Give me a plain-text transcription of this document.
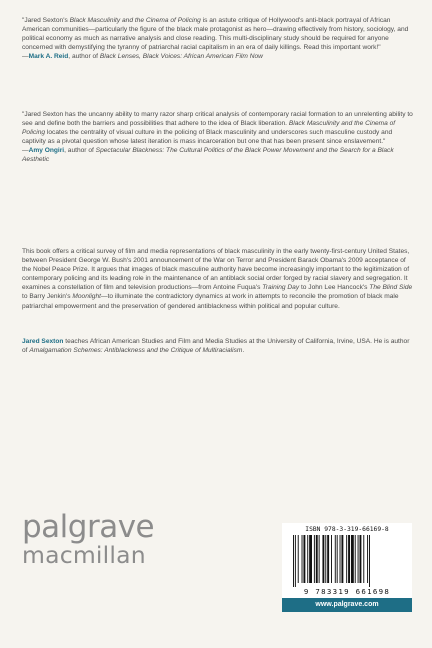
"Jared Sexton's Black Masculinity and the Cinema of Policing is an astute critique of Hollywood's anti-black portrayal of African American communities—particularly the figure of the black male protagonist as hero—drawing effectively from history, sociology, and political economy as much as narrative analysis and close reading. This multi-disciplinary study should be required for anyone concerned with demystifying the tyranny of patriarchal racial capitalism in an era of daily killings. Read this important work!"

—Mark A. Reid, author of Black Lenses, Black Voices: African American Film Now

"Jared Sexton has the uncanny ability to marry razor sharp critical analysis of contemporary racial formation to an unrelenting ability to see and define both the barriers and possibilities that adhere to the idea of Black liberation. Black Masculinity and the Cinema of Policing locates the centrality of visual culture in the policing of Black masculinity and underscores such masculine custody and captivity as a pivotal question whose latest iteration is mass incarceration but one that has been present since enslavement."

—Amy Ongiri, author of Spectacular Blackness: The Cultural Politics of the Black Power Movement and the Search for a Black Aesthetic

This book offers a critical survey of film and media representations of black masculinity in the early twenty-first-century United States, between President George W. Bush's 2001 announcement of the War on Terror and President Barack Obama's 2009 acceptance of the Nobel Peace Prize. It argues that images of black masculine authority have become increasingly important to the legitimization of contemporary policing and its leading role in the maintenance of an antiblack social order forged by racial slavery and segregation. It examines a constellation of film and television productions—from Antoine Fuqua's Training Day to John Lee Hancock's The Blind Side to Barry Jenkin's Moonlight—to illuminate the contradictory dynamics at work in attempts to reconcile the promotion of black male patriarchal empowerment and the preservation of gendered antiblackness within political and popular culture.

Jared Sexton teaches African American Studies and Film and Media Studies at the University of California, Irvine, USA. He is author of Amalgamation Schemes: Antiblackness and the Critique of Multiracialism.

palgrave
macmillan
ISBN 978-3-319-66169-8
9 783319 661698
www.palgrave.com
